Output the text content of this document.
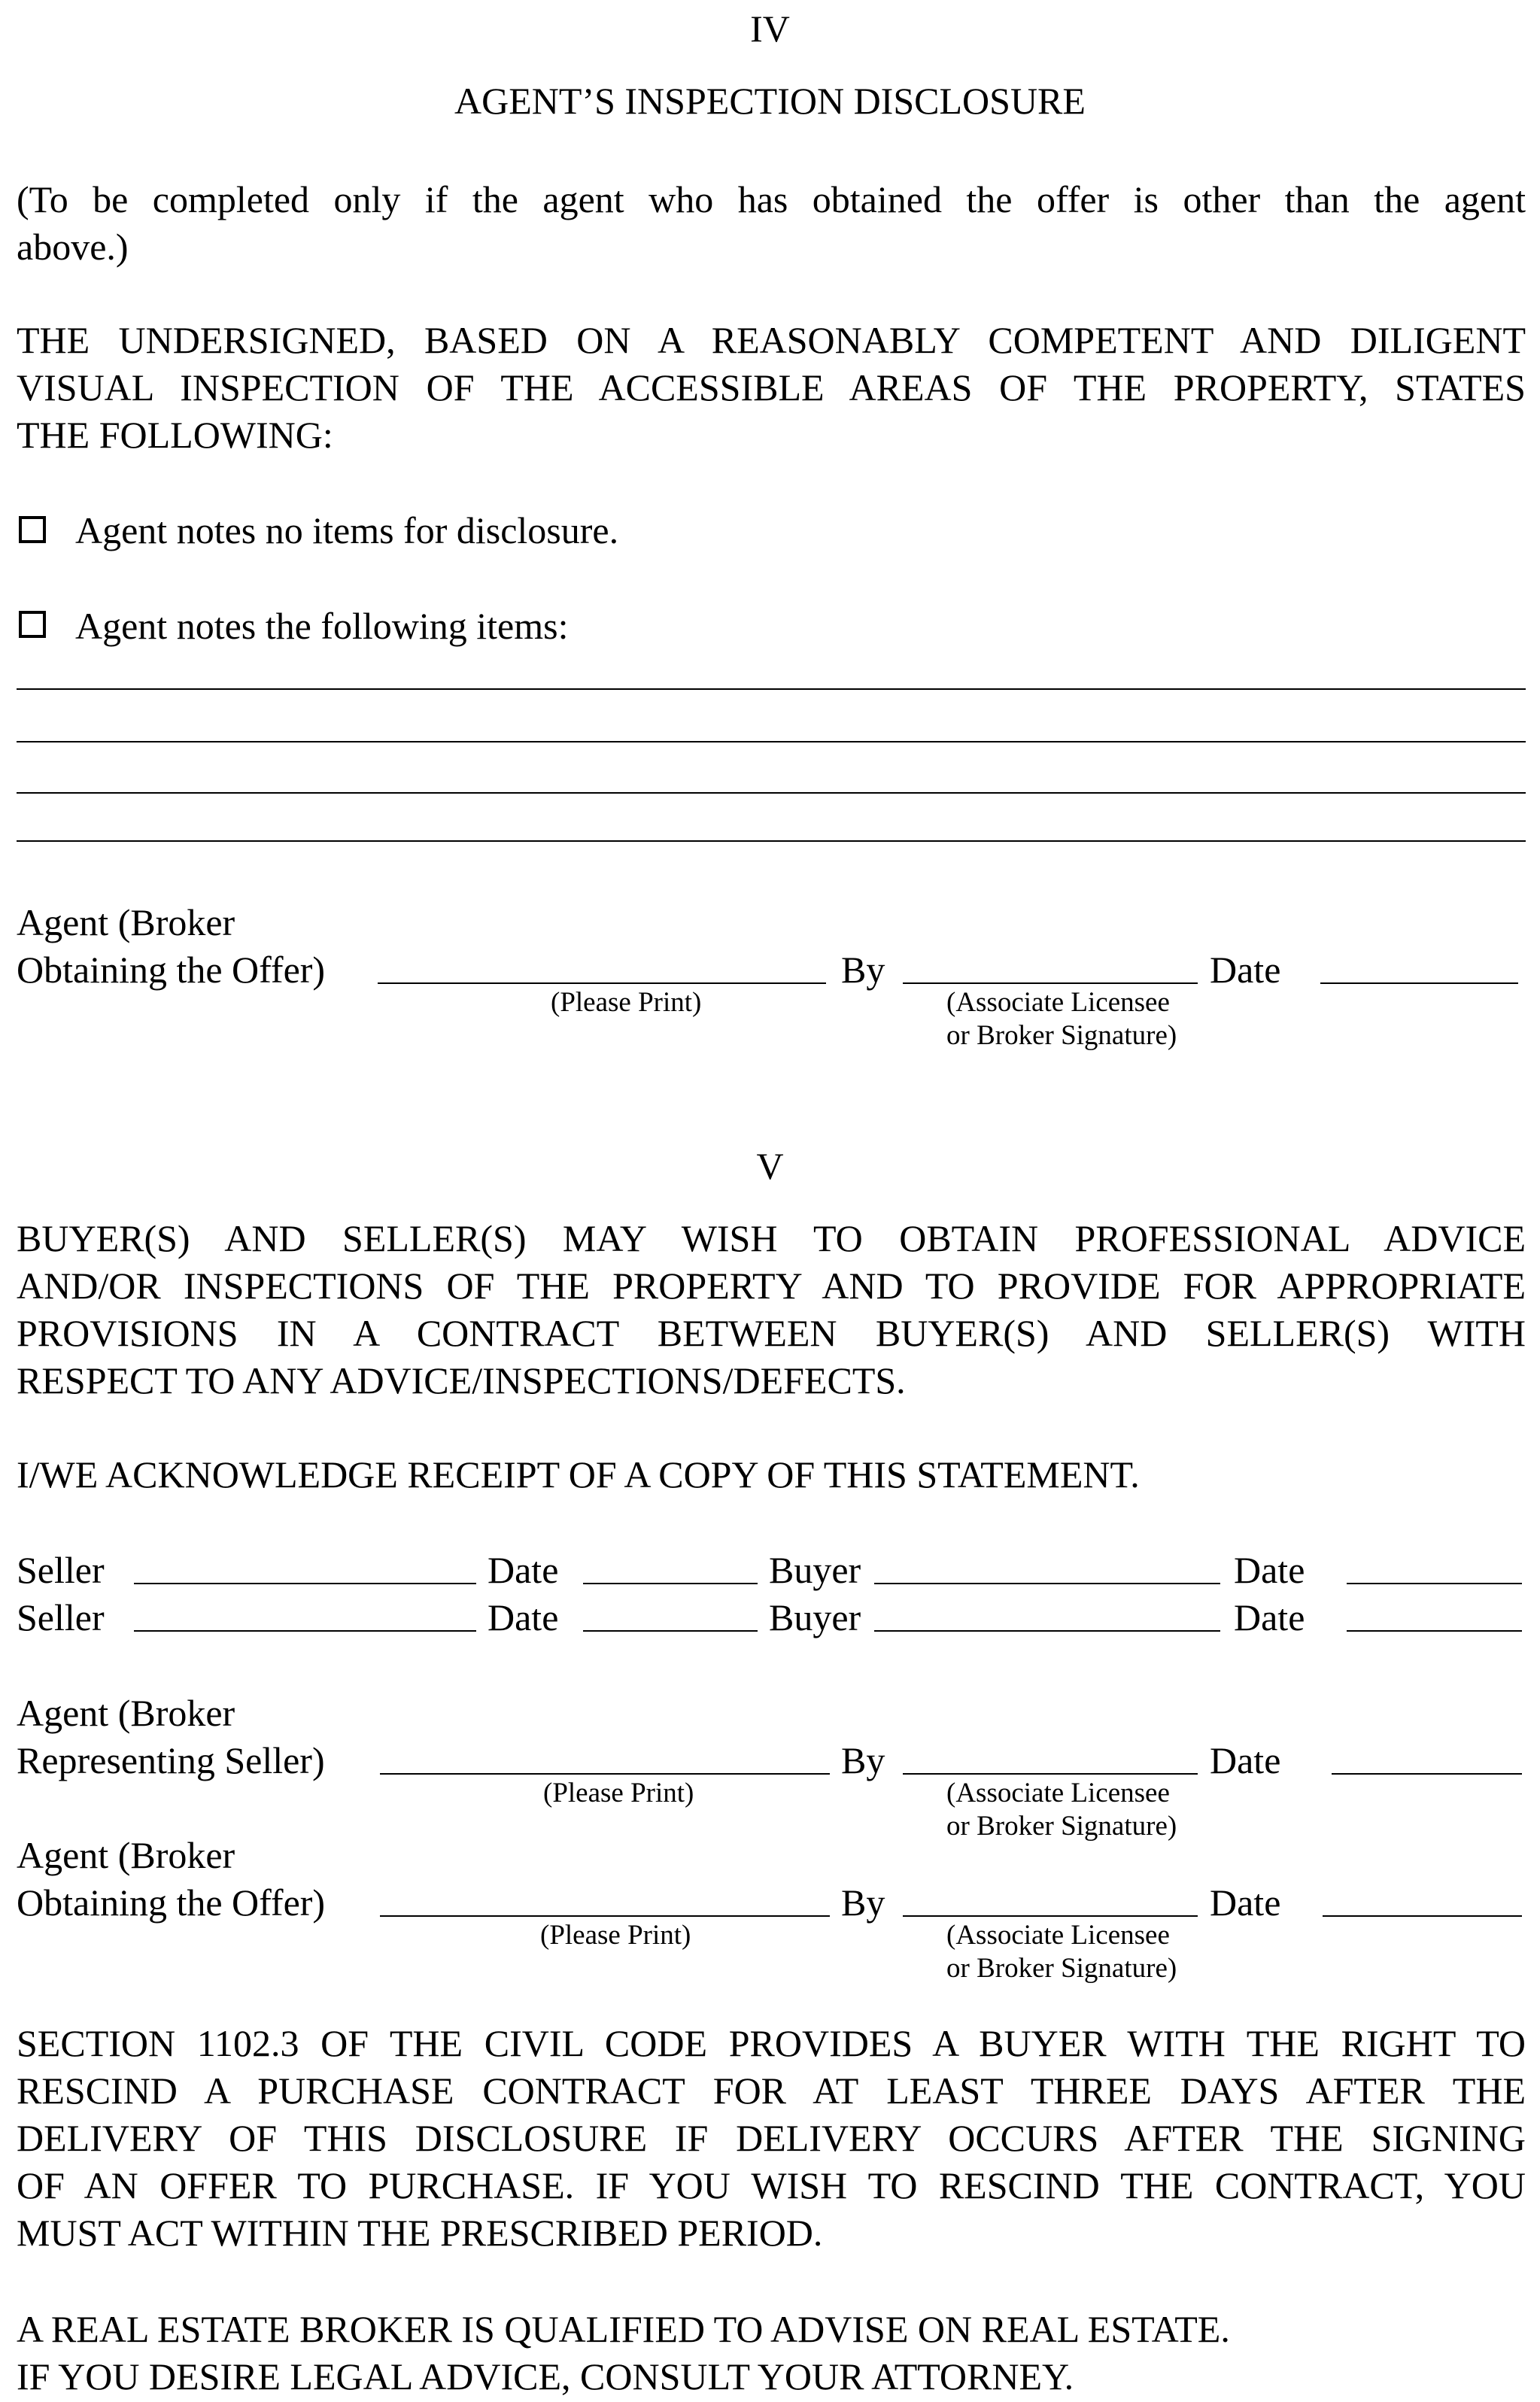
IV
AGENT’S INSPECTION DISCLOSURE
(To be completed only if the agent who has obtained the offer is other than the agent
above.)
THE UNDERSIGNED, BASED ON A REASONABLY COMPETENT AND DILIGENT
VISUAL INSPECTION OF THE ACCESSIBLE AREAS OF THE PROPERTY, STATES
THE FOLLOWING:
Agent notes no items for disclosure.
Agent notes the following items:
Agent (Broker
Obtaining the Offer)	By	Date
(Please Print)	(Associate Licensee
or Broker Signature)
V
BUYER(S) AND SELLER(S) MAY WISH TO OBTAIN PROFESSIONAL ADVICE
AND/OR INSPECTIONS OF THE PROPERTY AND TO PROVIDE FOR APPROPRIATE
PROVISIONS IN A CONTRACT BETWEEN BUYER(S) AND SELLER(S) WITH
RESPECT TO ANY ADVICE/INSPECTIONS/DEFECTS.
I/WE ACKNOWLEDGE RECEIPT OF A COPY OF THIS STATEMENT.
Seller	Date	Buyer	Date
Seller	Date	Buyer	Date
Agent (Broker
Representing Seller)	By	Date
(Please Print)	(Associate Licensee
or Broker Signature)
Agent (Broker
Obtaining the Offer)	By	Date
(Please Print)	(Associate Licensee
or Broker Signature)
SECTION 1102.3 OF THE CIVIL CODE PROVIDES A BUYER WITH THE RIGHT TO
RESCIND A PURCHASE CONTRACT FOR AT LEAST THREE DAYS AFTER THE
DELIVERY OF THIS DISCLOSURE IF DELIVERY OCCURS AFTER THE SIGNING
OF AN OFFER TO PURCHASE. IF YOU WISH TO RESCIND THE CONTRACT, YOU
MUST ACT WITHIN THE PRESCRIBED PERIOD.
A REAL ESTATE BROKER IS QUALIFIED TO ADVISE ON REAL ESTATE.
IF YOU DESIRE LEGAL ADVICE, CONSULT YOUR ATTORNEY.
